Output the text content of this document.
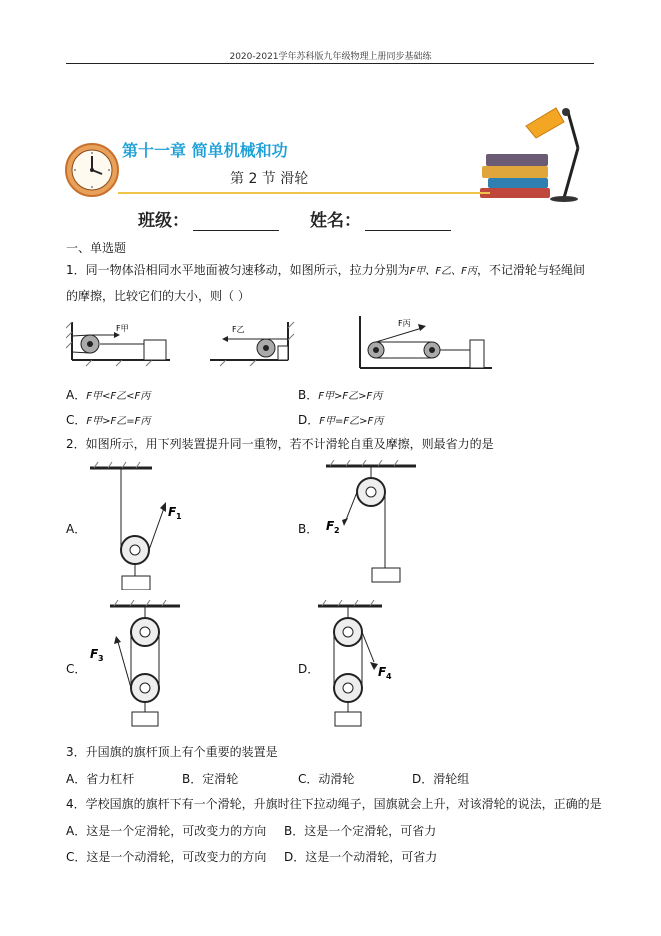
2020-2021学年苏科版九年级物理上册同步基础练
第十一章 简单机械和功
第 2 节 滑轮
班级：	姓名：
一、单选题
1．同一物体沿相同水平地面被匀速移动，如图所示，拉力分别为F甲、F乙、F丙，不记滑轮与轻绳间
的摩擦，比较它们的大小，则（ ）
F甲	F乙
F丙
A．F甲<F乙<F丙	B．F甲>F乙>F丙
C．F甲>F乙=F丙	D．F甲=F乙>F丙
2．如图所示，用下列装置提升同一重物，若不计滑轮自重及摩擦，则最省力的是
A．	B．
C．	D．
F 1
F 2
F 3
F 4
3．升国旗的旗杆顶上有个重要的装置是
A．省力杠杆	B．定滑轮	C．动滑轮	D．滑轮组
4．学校国旗的旗杆下有一个滑轮，升旗时往下拉动绳子，国旗就会上升，对该滑轮的说法，正确的是
A．这是一个定滑轮，可改变力的方向 B．这是一个定滑轮，可省力
C．这是一个动滑轮，可改变力的方向 D．这是一个动滑轮，可省力
